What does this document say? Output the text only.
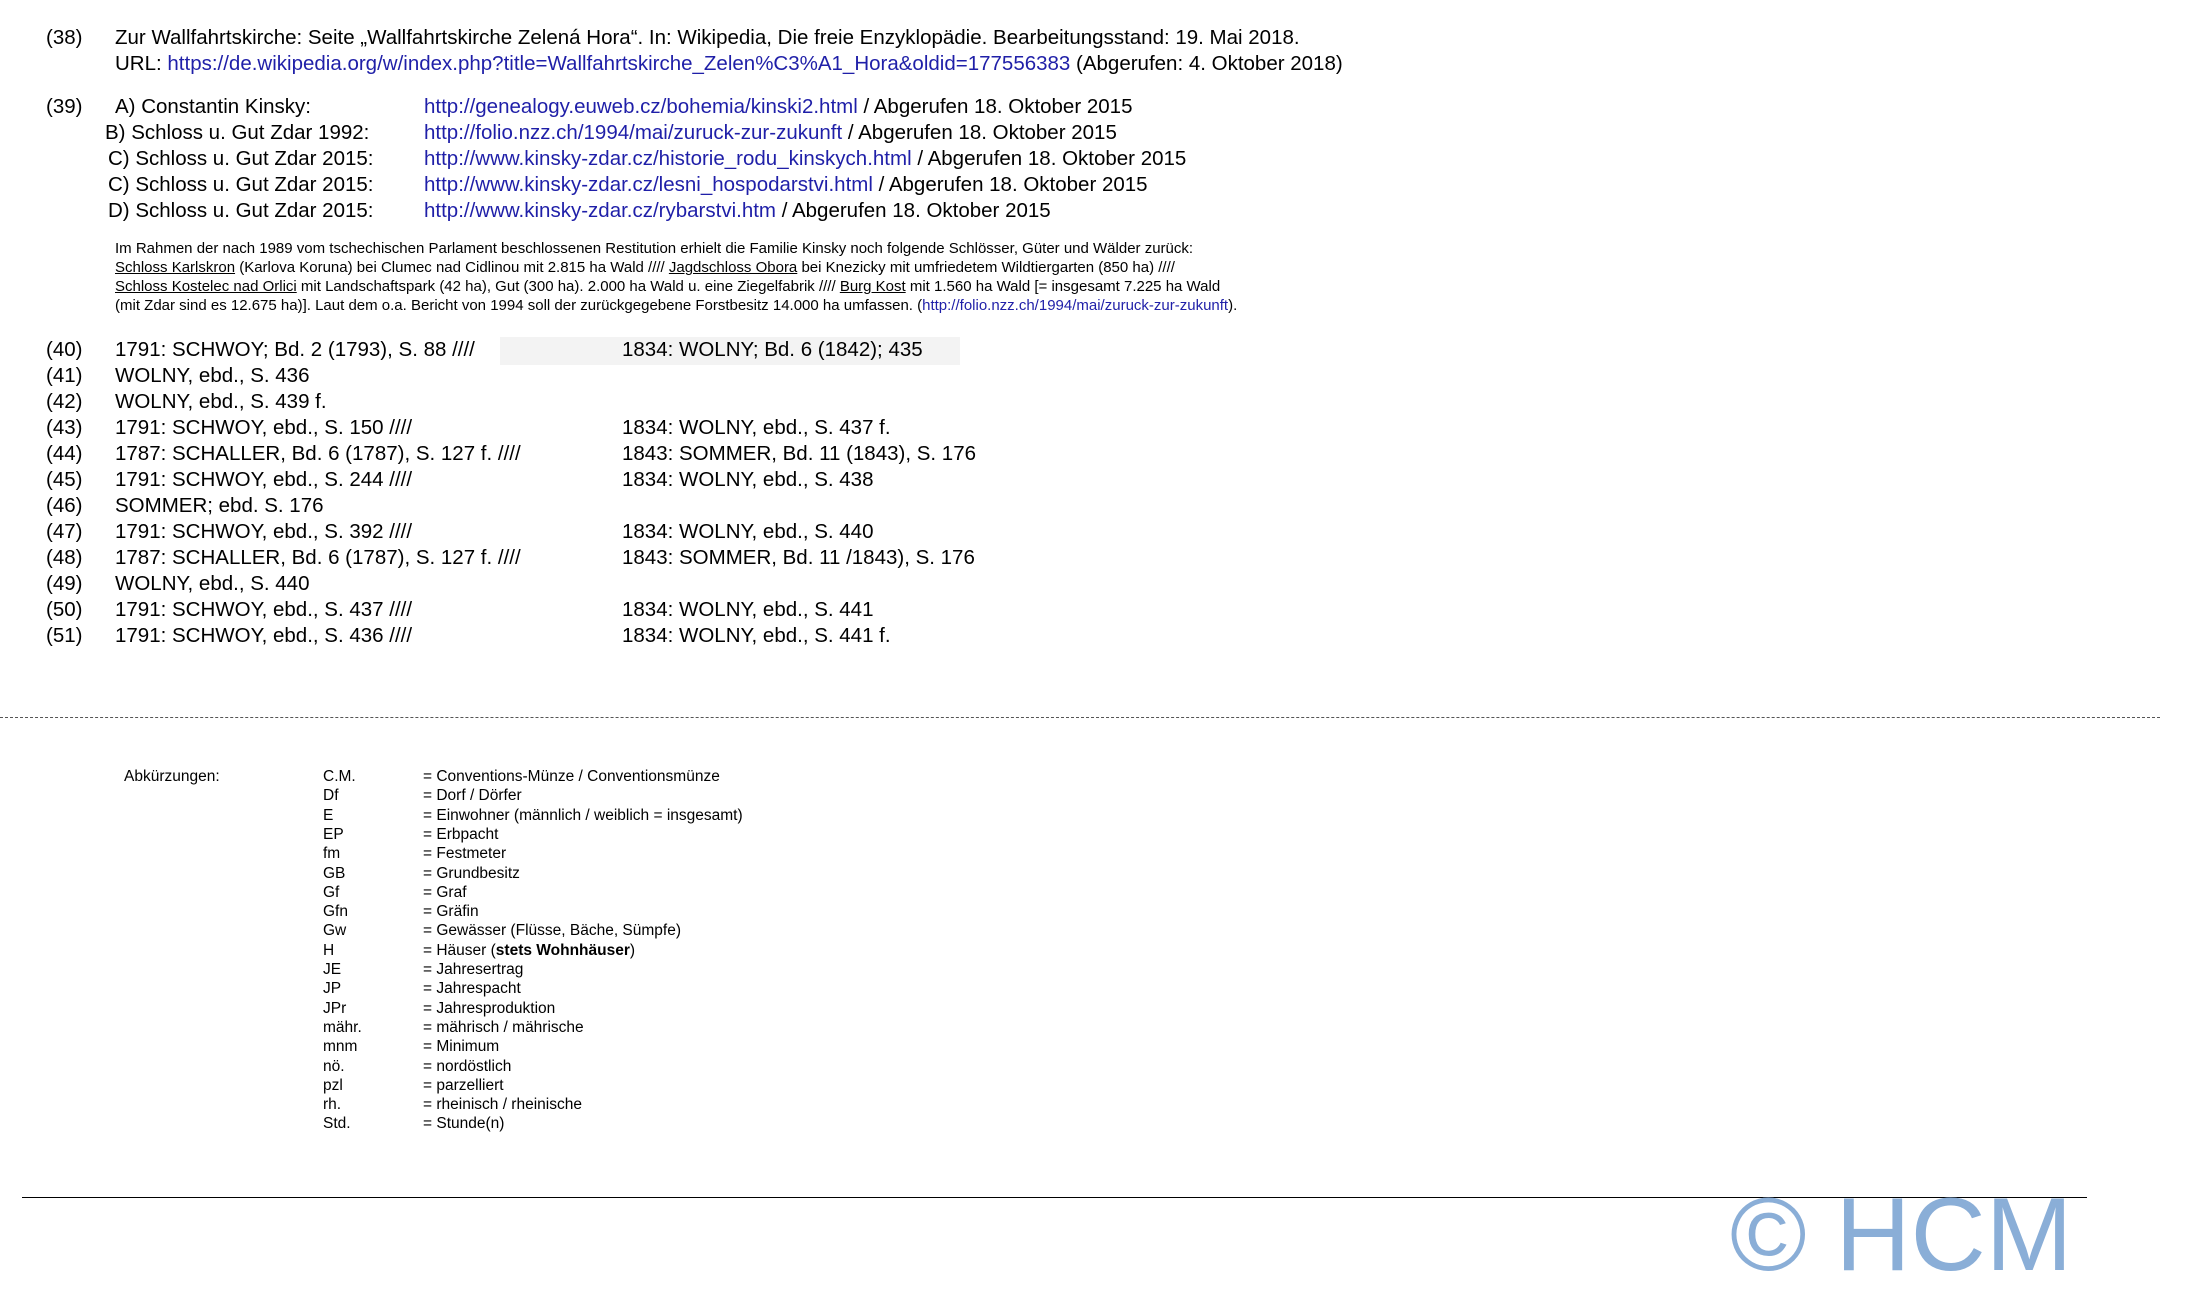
(38) Zur Wallfahrtskirche: Seite „Wallfahrtskirche Zelená Hora“. In: Wikipedia, Die freie Enzyklopädie. Bearbeitungsstand: 19. Mai 2018.
URL: https://de.wikipedia.org/w/index.php?title=Wallfahrtskirche_Zelen%C3%A1_Hora&oldid=177556383 (Abgerufen: 4. Oktober 2018)
(39) A) Constantin Kinsky:	http://genealogy.euweb.cz/bohemia/kinski2.html / Abgerufen 18. Oktober 2015
B) Schloss u. Gut Zdar 1992:	http://folio.nzz.ch/1994/mai/zuruck-zur-zukunft / Abgerufen 18. Oktober 2015
C) Schloss u. Gut Zdar 2015: http://www.kinsky-zdar.cz/historie_rodu_kinskych.html / Abgerufen 18. Oktober 2015
C) Schloss u. Gut Zdar 2015: http://www.kinsky-zdar.cz/lesni_hospodarstvi.html / Abgerufen 18. Oktober 2015
D) Schloss u. Gut Zdar 2015: http://www.kinsky-zdar.cz/rybarstvi.htm / Abgerufen 18. Oktober 2015
Im Rahmen der nach 1989 vom tschechischen Parlament beschlossenen Restitution erhielt die Familie Kinsky noch folgende Schlösser, Güter und Wälder zurück:
Schloss Karlskron (Karlova Koruna) bei Clumec nad Cidlinou mit 2.815 ha Wald //// Jagdschloss Obora bei Knezicky mit umfriedetem Wildtiergarten (850 ha) ////
Schloss Kostelec nad Orlici mit Landschaftspark (42 ha), Gut (300 ha). 2.000 ha Wald u. eine Ziegelfabrik //// Burg Kost mit 1.560 ha Wald [= insgesamt 7.225 ha Wald
(mit Zdar sind es 12.675 ha)]. Laut dem o.a. Bericht von 1994 soll der zurückgegebene Forstbesitz 14.000 ha umfassen. (http://folio.nzz.ch/1994/mai/zuruck-zur-zukunft).
(40) 1791: SCHWOY; Bd. 2 (1793), S. 88 ////	1834: WOLNY; Bd. 6 (1842); 435
(41) WOLNY, ebd., S. 436
(42) WOLNY, ebd., S. 439 f.
(43) 1791: SCHWOY, ebd., S. 150 ////	1834: WOLNY, ebd., S. 437 f.
(44) 1787: SCHALLER, Bd. 6 (1787), S. 127 f. ////	1843: SOMMER, Bd. 11 (1843), S. 176
(45) 1791: SCHWOY, ebd., S. 244 ////	1834: WOLNY, ebd., S. 438
(46) SOMMER; ebd. S. 176
(47) 1791: SCHWOY, ebd., S. 392 ////	1834: WOLNY, ebd., S. 440
(48) 1787: SCHALLER, Bd. 6 (1787), S. 127 f. ////	1843: SOMMER, Bd. 11 /1843), S. 176
(49) WOLNY, ebd., S. 440
(50) 1791: SCHWOY, ebd., S. 437 ////	1834: WOLNY, ebd., S. 441
(51) 1791: SCHWOY, ebd., S. 436 ////	1834: WOLNY, ebd., S. 441 f.
Abkürzungen:	C.M.	= Conventions-Münze / Conventionsmünze
Df	= Dorf / Dörfer
E	= Einwohner (männlich / weiblich = insgesamt)
EP	= Erbpacht
fm	= Festmeter
GB	= Grundbesitz
Gf	= Graf
Gfn	= Gräfin
Gw	= Gewässer (Flüsse, Bäche, Sümpfe)
H	= Häuser (stets Wohnhäuser)
JE	= Jahresertrag
JP	= Jahrespacht
JPr	= Jahresproduktion
mähr.	= mährisch / mährische
mnm	= Minimum
nö.	= nordöstlich
pzl	= parzelliert
rh.	= rheinisch / rheinische
Std.	= Stunde(n)
© HCM
